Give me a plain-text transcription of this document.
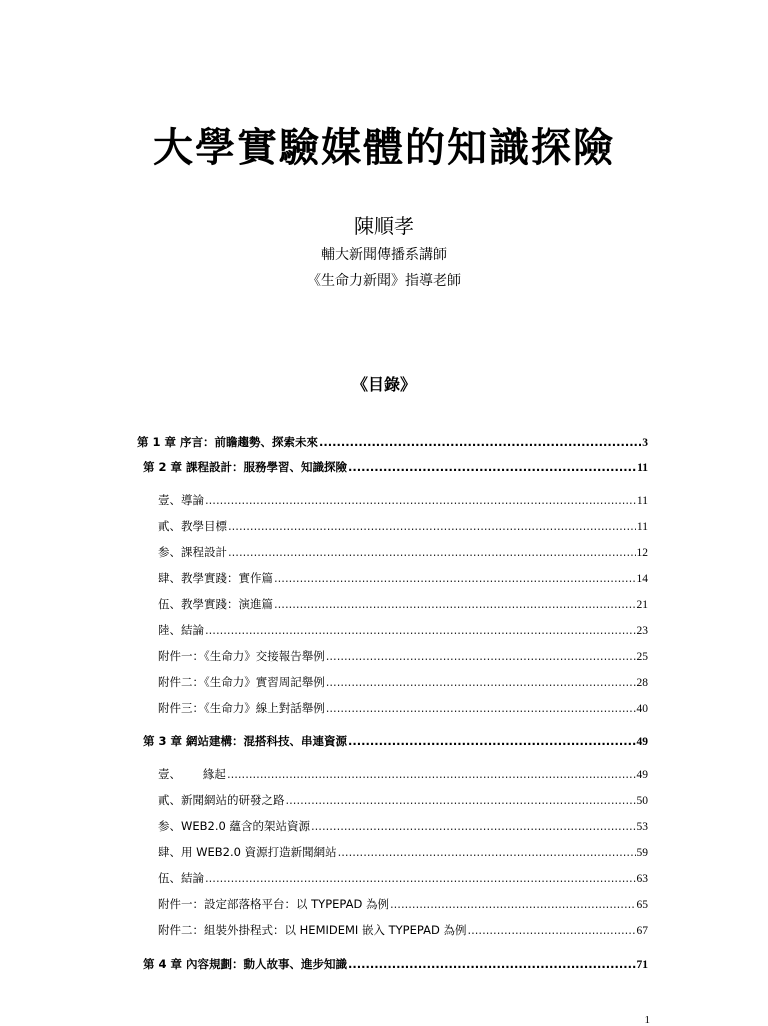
大學實驗媒體的知識探險
陳順孝
輔大新聞傳播系講師
《生命力新聞》指導老師
《目錄》
第 1 章 序言：前瞻趨勢、探索未來 .....	3
第 2 章 課程設計：服務學習、知識探險 .....	11
壹、導論 .....	11
貳、教學目標 .....	11
参、課程設計 .....	12
肆、教學實踐：實作篇 .....	14
伍、教學實踐：演進篇 .....	21
陸、結論 .....	23
附件一：《生命力》交接報告舉例 .....	25
附件二：《生命力》實習周記舉例 .....	28
附件三：《生命力》線上對話舉例 .....	40
第 3 章 網站建構：混搭科技、串連資源 .....	49
壹、      緣起 .....	49
貳、新聞網站的研發之路 .....	50
参、WEB2.0 蘊含的架站資源 .....	53
肆、用 WEB2.0 資源打造新聞網站 .....	59
伍、結論 .....	63
附件一：設定部落格平台：以 TYPEPAD 為例 .....	65
附件二：組裝外掛程式：以 HEMIDEMI 嵌入 TYPEPAD 為例 .....	67
第 4 章 內容規劃：動人故事、進步知識 .....	71
1
